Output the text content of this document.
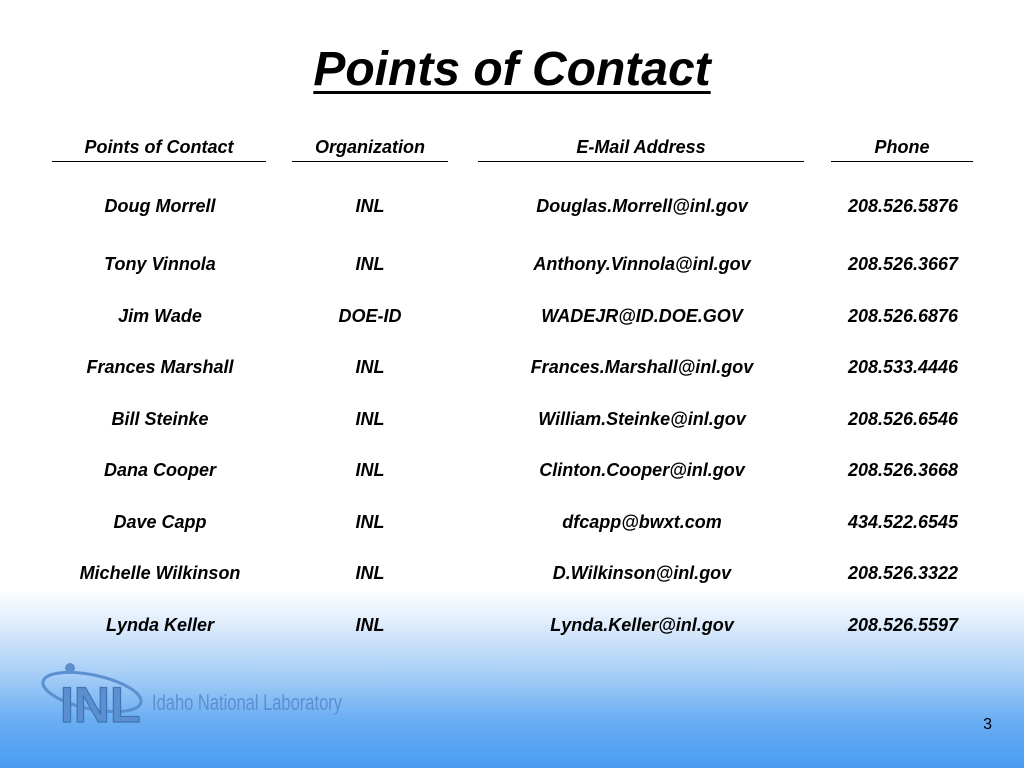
Points of Contact
Points of Contact	Organization	E-Mail Address	Phone
Doug Morrell	INL	Douglas.Morrell@inl.gov	208.526.5876
Tony Vinnola	INL	Anthony.Vinnola@inl.gov	208.526.3667
Jim Wade	DOE-ID	WADEJR@ID.DOE.GOV	208.526.6876
Frances Marshall	INL	Frances.Marshall@inl.gov	208.533.4446
Bill Steinke	INL	William.Steinke@inl.gov	208.526.6546
Dana Cooper	INL	Clinton.Cooper@inl.gov	208.526.3668
Dave Capp	INL	dfcapp@bwxt.com	434.522.6545
Michelle Wilkinson	INL	D.Wilkinson@inl.gov	208.526.3322
Lynda Keller	INL	Lynda.Keller@inl.gov	208.526.5597
INL Idaho National Laboratory
3
